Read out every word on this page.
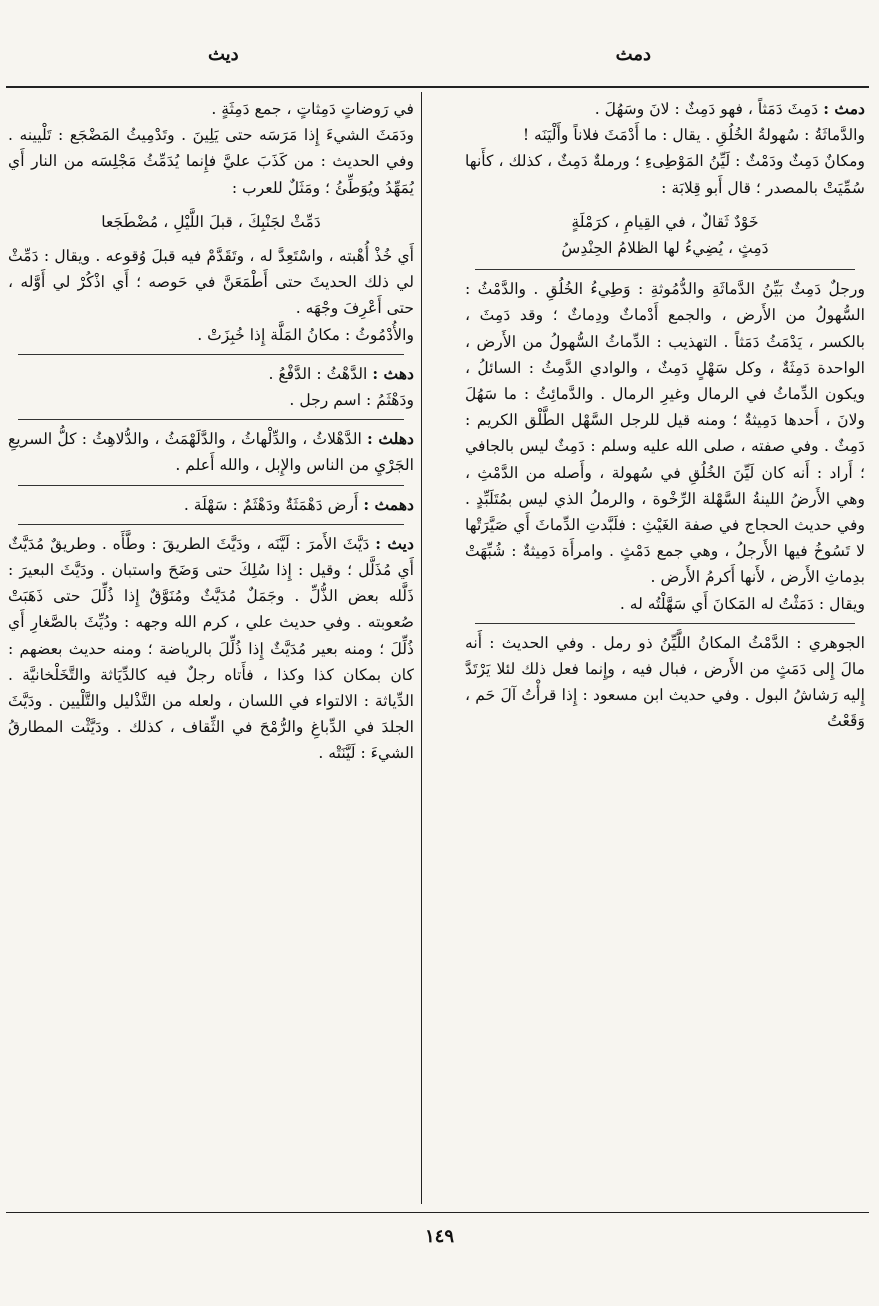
دمث
ديث

دمث : دَمِثَ دَمَثاً ، فهو دَمِثٌ : لانَ وسَهُلَ .

والدَّماثَةُ : سُهولةُ الخُلُقِ . يقال : ما أَدْمَثَ فلاناً وأَلْيَنَه !

ومكانٌ دَمِثٌ ودَمْثٌ : لَيِّنُ المَوْطِىءِ ؛ ورملةٌ دَمِثٌ ، كذلك ، كأَنها سُمِّيَتْ بالمصدر ؛ قال أَبو قِلابَة :

خَوْدٌ ثَقالٌ ، في القِيامِ ، كرَمْلَةٍ

دَمِثٍ ، يُضِيءُ لها الظلامُ الحِنْدِسُ

ورجلٌ دَمِثٌ بَيِّنُ الدَّماثَةِ والدُّمُوثةِ : وَطِيءُ الخُلُقِ . والدَّمْثُ : السُّهولُ من الأَرض ، والجمع أَدْماثٌ ودِماثٌ ؛ وقد دَمِثَ ، بالكسر ، يَدْمَثُ دَمَثاً . التهذيب : الدِّماثُ السُّهولُ من الأَرض ، الواحدة دَمِثَةٌ ، وكل سَهْلٍ دَمِثٌ ، والوادي الدَّمِثُ : السائلُ ، ويكون الدِّماثُ في الرمال وغيرِ الرمال . والدَّمائِثُ : ما سَهُلَ ولانَ ، أَحدها دَمِيثةٌ ؛ ومنه قيل للرجل السَّهْل الطَّلْق الكريم : دَمِثٌ . وفي صفته ، صلى الله عليه وسلم : دَمِثٌ ليس بالجافي ؛ أَراد : أَنه كان لَيِّنَ الخُلُقِ في سُهولة ، وأَصله من الدَّمْثِ ، وهي الأَرضُ اللينةُ السَّهْلة الرِّخْوة ، والرملُ الذي ليس بمُتَلَبِّدٍ . وفي حديث الحجاج في صفة الغَيْثِ : فلَبَّدتِ الدِّماثَ أَي صَيَّرَتْها لا تَسُوخُ فيها الأَرجلُ ، وهي جمع دَمْثٍ . وامرأَة دَمِيثةٌ : شُبِّهَتْ بدِماثِ الأَرض ، لأَنها أَكرمُ الأَرض .

ويقال : دَمَثْتُ له المَكانَ أَي سَهَّلْتُه له .

الجوهري : الدَّمْثُ المكانُ اللَّيِّنُ ذو رمل . وفي الحديث : أَنه مالَ إِلى دَمَثٍ من الأَرض ، فبال فيه ، وإِنما فعل ذلك لئلا يَرْتَدَّ إِليه رَشاشُ البول . وفي حديث ابن مسعود : إِذا قرأْتُ آلَ حَم ، وَقَعْتُ

في رَوضاتٍ دَمِثاتٍ ، جمع دَمِثَةٍ .

ودَمَثَ الشيءَ إِذا مَرَسَه حتى يَلِينَ . وتَدْمِيثُ المَضْجَع : تَلْيينه . وفي الحديث : من كَذَبَ عليَّ فإِنما يُدَمِّثُ مَجْلِسَه من النار أَي يُمَهِّدُ ويُوَطِّئُ ؛ ومَثَلٌ للعرب :

دَمِّثْ لجَنْبِكَ ، قبلَ اللَّيْلِ ، مُضْطَجَعا

أَي خُذْ أُهْبته ، واسْتَعِدَّ له ، وتَقَدَّمْ فيه قبلَ وُقوعه . ويقال : دَمِّثْ لي ذلك الحديثَ حتى أَطْمَعَنَّ في حَوصه ؛ أَي اذْكُرْ لي أَوَّله ، حتى أَعْرِفَ وجْهَه .

والأُدْمُوثُ : مكانُ المَلَّة إِذا خُبِزَتْ .

دهث : الدَّهْثُ : الدَّفْعُ .

ودَهْثَمُ : اسم رجل .

دهلث : الدَّهْلاثُ ، والدِّلْهاثُ ، والدَّلَهْمَثُ ، والدُّلاهِثُ : كلُّ السريعِ الجَرْيِ من الناس والإِبل ، والله أَعلم .

دهمث : أَرض دَهْمَثَةٌ ودَهْثَمٌ : سَهْلَة .

ديث : دَيَّثَ الأَمرَ : لَيَّنَه ، ودَيَّثَ الطريقَ : وطَّأَه . وطريقٌ مُدَيَّثٌ أَي مُذَلَّل ؛ وقيل : إِذا سُلِكَ حتى وَضَحَ واستبان . ودَيَّثَ البعيرَ : ذَلَّله بعض الذُّلِّ . وجَمَلٌ مُدَيَّثٌ ومُنَوَّقٌ إِذا ذُلِّلَ حتى ذَهَبَتْ صُعوبته . وفي حديث علي ، كرم الله وجهه : ودُيِّثَ بالصَّغارِ أَي ذُلِّلَ ؛ ومنه بعير مُدَيَّثٌ إِذا ذُلِّلَ بالرياضة ؛ ومنه حديث بعضهم : كان بمكان كذا وكذا ، فأَتاه رجلٌ فيه كالدِّيَاثة والتَّخَلْخانيَّة . الدِّياثة : الالتواء في اللسان ، ولعله من التَّذْليل والتَّلْيين . ودَيَّثَ الجلدَ في الدِّباغِ والرُّمْحَ في الثِّقاف ، كذلك . ودَيَّثْت المطارقُ الشيءَ : لَيَّنَتْه .

١٤٩
